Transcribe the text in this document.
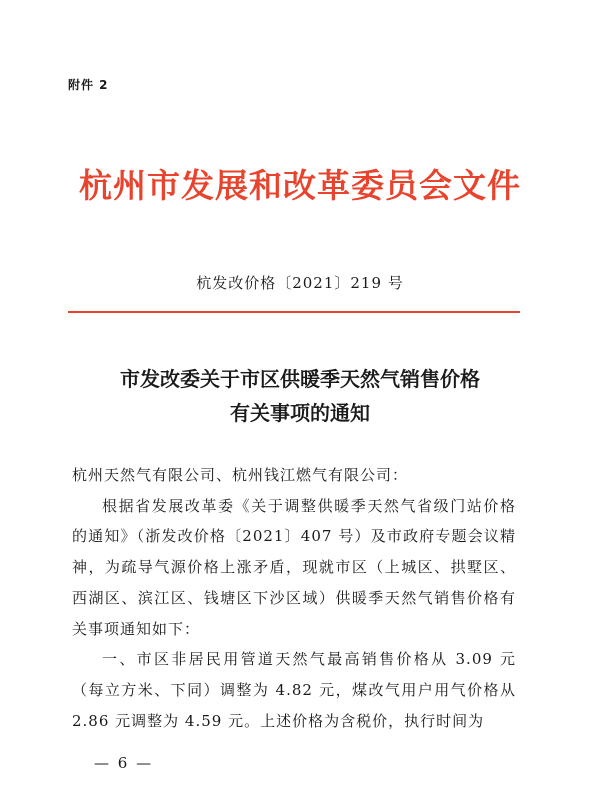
附件 2
杭州市发展和改革委员会文件
杭发改价格〔2021〕219 号
市发改委关于市区供暖季天然气销售价格
有关事项的通知

杭州天然气有限公司、杭州钱江燃气有限公司：

根据省发展改革委《关于调整供暖季天然气省级门站价格的通知》（浙发改价格〔2021〕407 号）及市政府专题会议精神，为疏导气源价格上涨矛盾，现就市区（上城区、拱墅区、西湖区、滨江区、钱塘区下沙区域）供暖季天然气销售价格有关事项通知如下：

一、市区非居民用管道天然气最高销售价格从 3.09 元（每立方米、下同）调整为 4.82 元，煤改气用户用气价格从 2.86 元调整为 4.59 元。上述价格为含税价，执行时间为

— 6 —
